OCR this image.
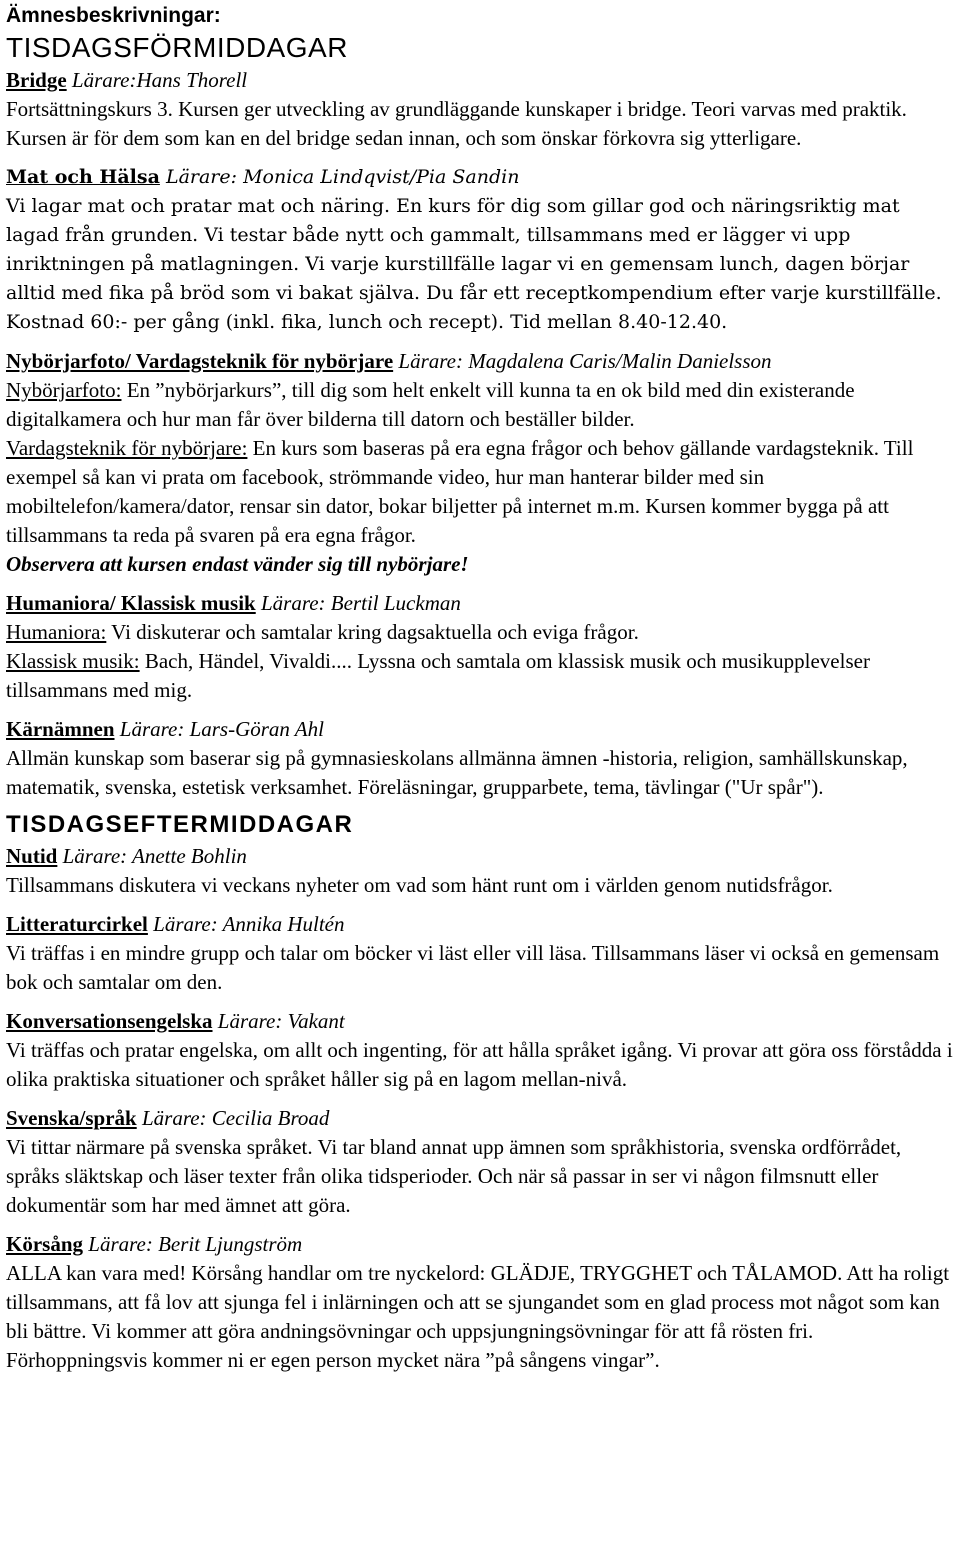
Ämnesbeskrivningar:

TISDAGSFÖRMIDDAGAR

Bridge Lärare:Hans Thorell

Fortsättningskurs 3. Kursen ger utveckling av grundläggande kunskaper i bridge. Teori varvas med praktik. Kursen är för dem som kan en del bridge sedan innan, och som önskar förkovra sig ytterligare.

Mat och Hälsa Lärare: Monica Lindqvist/Pia Sandin

Vi lagar mat och pratar mat och näring. En kurs för dig som gillar god och näringsriktig mat lagad från grunden. Vi testar både nytt och gammalt, tillsammans med er lägger vi upp inriktningen på matlagningen. Vi varje kurstillfälle lagar vi en gemensam lunch, dagen börjar alltid med fika på bröd som vi bakat själva. Du får ett receptkompendium efter varje kurstillfälle. Kostnad 60:- per gång (inkl. fika, lunch och recept). Tid mellan 8.40-12.40.

Nybörjarfoto/ Vardagsteknik för nybörjare Lärare: Magdalena Caris/Malin Danielsson

Nybörjarfoto: En ”nybörjarkurs”, till dig som helt enkelt vill kunna ta en ok bild med din existerande digitalkamera och hur man får över bilderna till datorn och beställer bilder.

Vardagsteknik för nybörjare: En kurs som baseras på era egna frågor och behov gällande vardagsteknik. Till exempel så kan vi prata om facebook, strömmande video, hur man hanterar bilder med sin mobiltelefon/kamera/dator, rensar sin dator, bokar biljetter på internet m.m. Kursen kommer bygga på att tillsammans ta reda på svaren på era egna frågor.

Observera att kursen endast vänder sig till nybörjare!

Humaniora/ Klassisk musik Lärare: Bertil Luckman

Humaniora: Vi diskuterar och samtalar kring dagsaktuella och eviga frågor.

Klassisk musik: Bach, Händel, Vivaldi.... Lyssna och samtala om klassisk musik och musikupplevelser tillsammans med mig.

Kärnämnen Lärare: Lars-Göran Ahl

Allmän kunskap som baserar sig på gymnasieskolans allmänna ämnen -historia, religion, samhällskunskap, matematik, svenska, estetisk verksamhet. Föreläsningar, grupparbete, tema, tävlingar ("Ur spår").

TISDAGSEFTERMIDDAGAR

Nutid Lärare: Anette Bohlin

Tillsammans diskutera vi veckans nyheter om vad som hänt runt om i världen genom nutidsfrågor.

Litteraturcirkel Lärare: Annika Hultén

Vi träffas i en mindre grupp och talar om böcker vi läst eller vill läsa. Tillsammans läser vi också en gemensam bok och samtalar om den.

Konversationsengelska Lärare: Vakant

Vi träffas och pratar engelska, om allt och ingenting, för att hålla språket igång. Vi provar att göra oss förstådda i olika praktiska situationer och språket håller sig på en lagom mellan-nivå.

Svenska/språk Lärare: Cecilia Broad

Vi tittar närmare på svenska språket. Vi tar bland annat upp ämnen som språkhistoria, svenska ordförrådet, språks släktskap och läser texter från olika tidsperioder. Och när så passar in ser vi någon filmsnutt eller dokumentär som har med ämnet att göra.

Körsång Lärare: Berit Ljungström

ALLA kan vara med! Körsång handlar om tre nyckelord: GLÄDJE, TRYGGHET och TÅLAMOD. Att ha roligt tillsammans, att få lov att sjunga fel i inlärningen och att se sjungandet som en glad process mot något som kan bli bättre. Vi kommer att göra andningsövningar och uppsjungningsövningar för att få rösten fri. Förhoppningsvis kommer ni er egen person mycket nära ”på sångens vingar”.
